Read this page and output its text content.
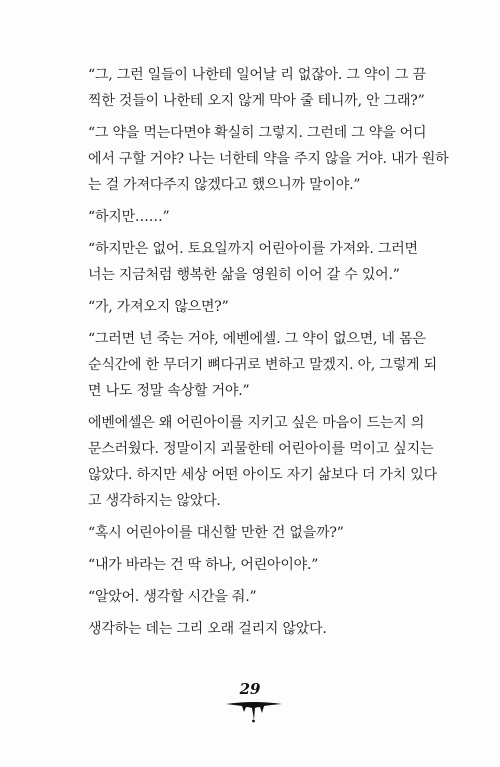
“그, 그런 일들이 나한테 일어날 리 없잖아. 그 약이 그 끔
찍한 것들이 나한테 오지 않게 막아 줄 테니까, 안 그래?”
“그 약을 먹는다면야 확실히 그렇지. 그런데 그 약을 어디
에서 구할 거야? 나는 너한테 약을 주지 않을 거야. 내가 원하
는 걸 가져다주지 않겠다고 했으니까 말이야.”
“하지만……”
“하지만은 없어. 토요일까지 어린아이를 가져와. 그러면
너는 지금처럼 행복한 삶을 영원히 이어 갈 수 있어.”
“가, 가져오지 않으면?”
“그러면 넌 죽는 거야, 에벤에셀. 그 약이 없으면, 네 몸은
순식간에 한 무더기 뼈다귀로 변하고 말겠지. 아, 그렇게 되
면 나도 정말 속상할 거야.”
에벤에셀은 왜 어린아이를 지키고 싶은 마음이 드는지 의
문스러웠다. 정말이지 괴물한테 어린아이를 먹이고 싶지는
않았다. 하지만 세상 어떤 아이도 자기 삶보다 더 가치 있다
고 생각하지는 않았다.
“혹시 어린아이를 대신할 만한 건 없을까?”
“내가 바라는 건 딱 하나, 어린아이야.”
“알았어. 생각할 시간을 줘.”
생각하는 데는 그리 오래 걸리지 않았다.
29
